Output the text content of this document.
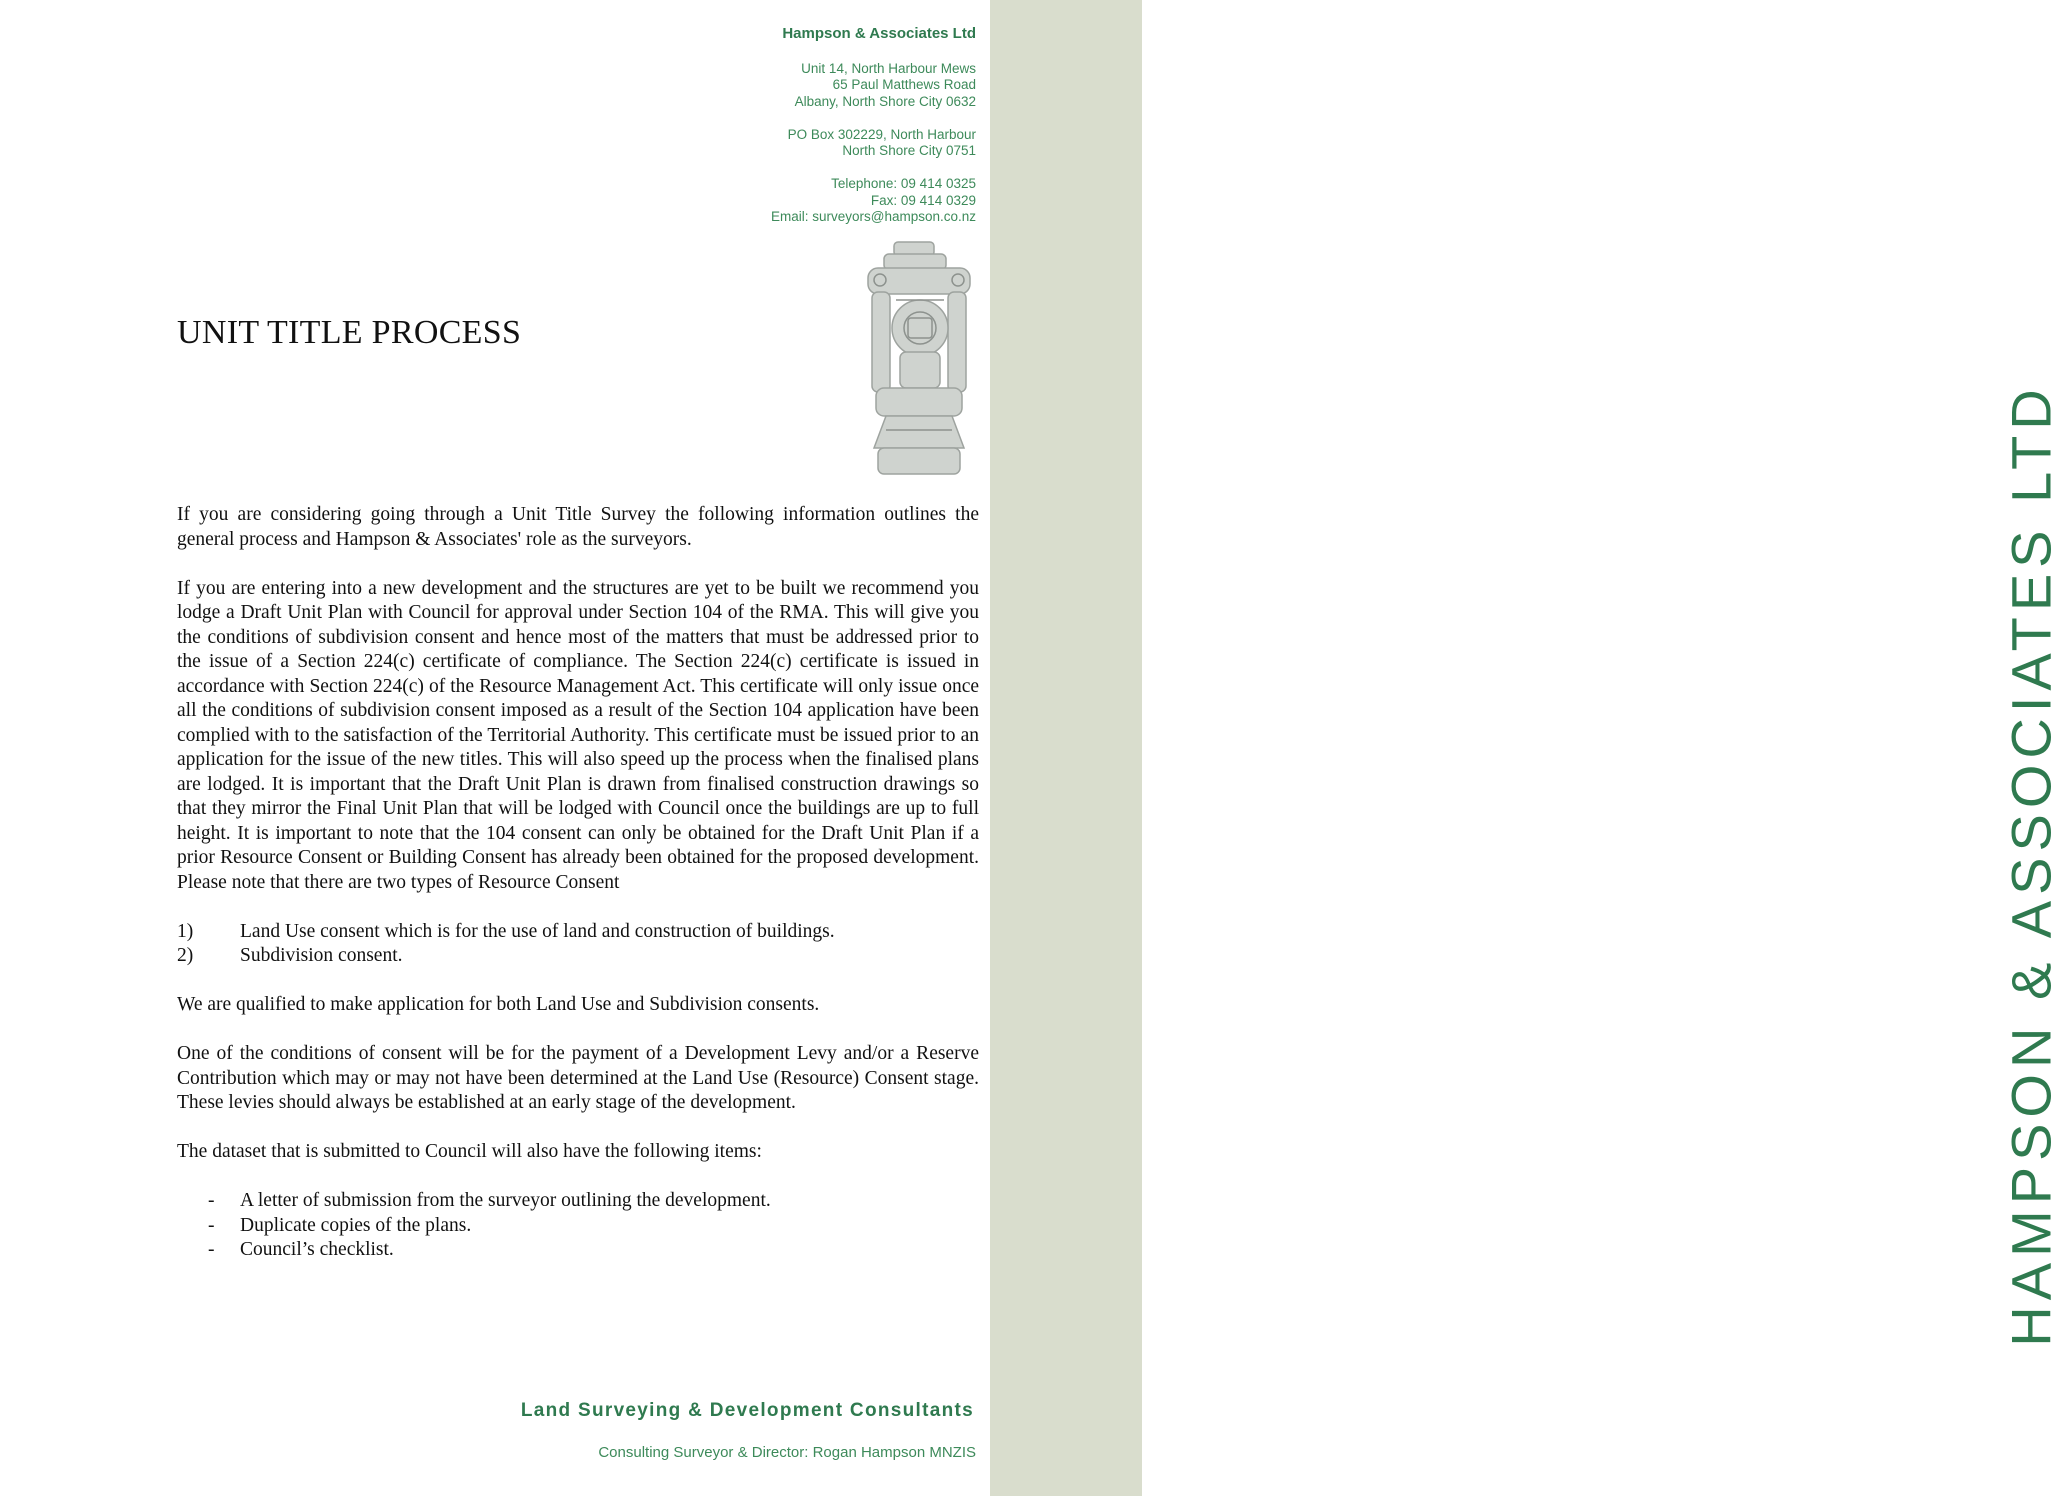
HAMPSON & ASSOCIATES LTD
Hampson & Associates Ltd
Unit 14, North Harbour Mews
65 Paul Matthews Road
Albany, North Shore City 0632
PO Box 302229, North Harbour
North Shore City 0751
Telephone: 09 414 0325
Fax: 09 414 0329
Email: surveyors@hampson.co.nz
UNIT TITLE PROCESS

If you are considering going through a Unit Title Survey the following information outlines the general process and Hampson & Associates' role as the surveyors.

If you are entering into a new development and the structures are yet to be built we recommend you lodge a Draft Unit Plan with Council for approval under Section 104 of the RMA. This will give you the conditions of subdivision consent and hence most of the matters that must be addressed prior to the issue of a Section 224(c) certificate of compliance. The Section 224(c) certificate is issued in accordance with Section 224(c) of the Resource Management Act. This certificate will only issue once all the conditions of subdivision consent imposed as a result of the Section 104 application have been complied with to the satisfaction of the Territorial Authority. This certificate must be issued prior to an application for the issue of the new titles. This will also speed up the process when the finalised plans are lodged. It is important that the Draft Unit Plan is drawn from finalised construction drawings so that they mirror the Final Unit Plan that will be lodged with Council once the buildings are up to full height. It is important to note that the 104 consent can only be obtained for the Draft Unit Plan if a prior Resource Consent or Building Consent has already been obtained for the proposed development. Please note that there are two types of Resource Consent

1)	Land Use consent which is for the use of land and construction of buildings.
2)	Subdivision consent.

We are qualified to make application for both Land Use and Subdivision consents.

One of the conditions of consent will be for the payment of a Development Levy and/or a Reserve Contribution which may or may not have been determined at the Land Use (Resource) Consent stage. These levies should always be established at an early stage of the development.

The dataset that is submitted to Council will also have the following items:

-	A letter of submission from the surveyor outlining the development.
-	Duplicate copies of the plans.
-	Council’s checklist.
Land Surveying & Development Consultants
Consulting Surveyor & Director: Rogan Hampson MNZIS
